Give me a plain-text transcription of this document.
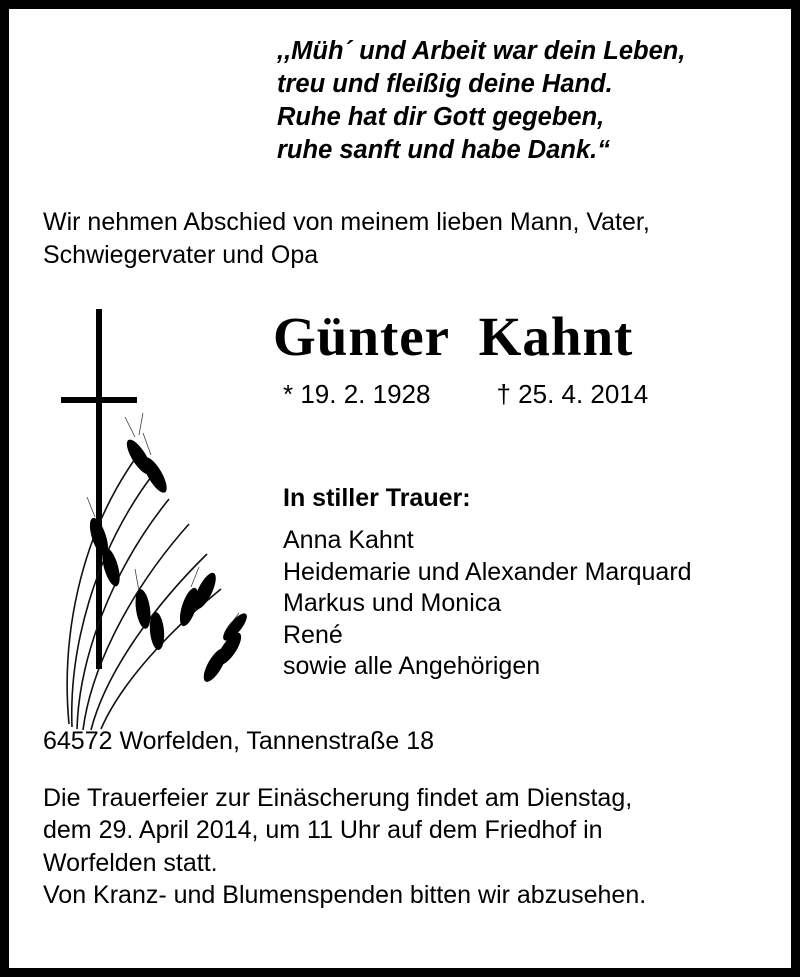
,,Müh´ und Arbeit war dein Leben,
treu und fleißig deine Hand.
Ruhe hat dir Gott gegeben,
ruhe sanft und habe Dank.“
Wir nehmen Abschied von meinem lieben Mann, Vater,
Schwiegervater und Opa
Günter  Kahnt
* 19. 2. 1928	† 25. 4. 2014
In stiller Trauer:
Anna Kahnt
Heidemarie und Alexander Marquard
Markus und Monica
René
sowie alle Angehörigen
64572 Worfelden, Tannenstraße 18
Die Trauerfeier zur Einäscherung findet am Dienstag,
dem 29. April 2014, um 11 Uhr auf dem Friedhof in
Worfelden statt.
Von Kranz- und Blumenspenden bitten wir abzusehen.
